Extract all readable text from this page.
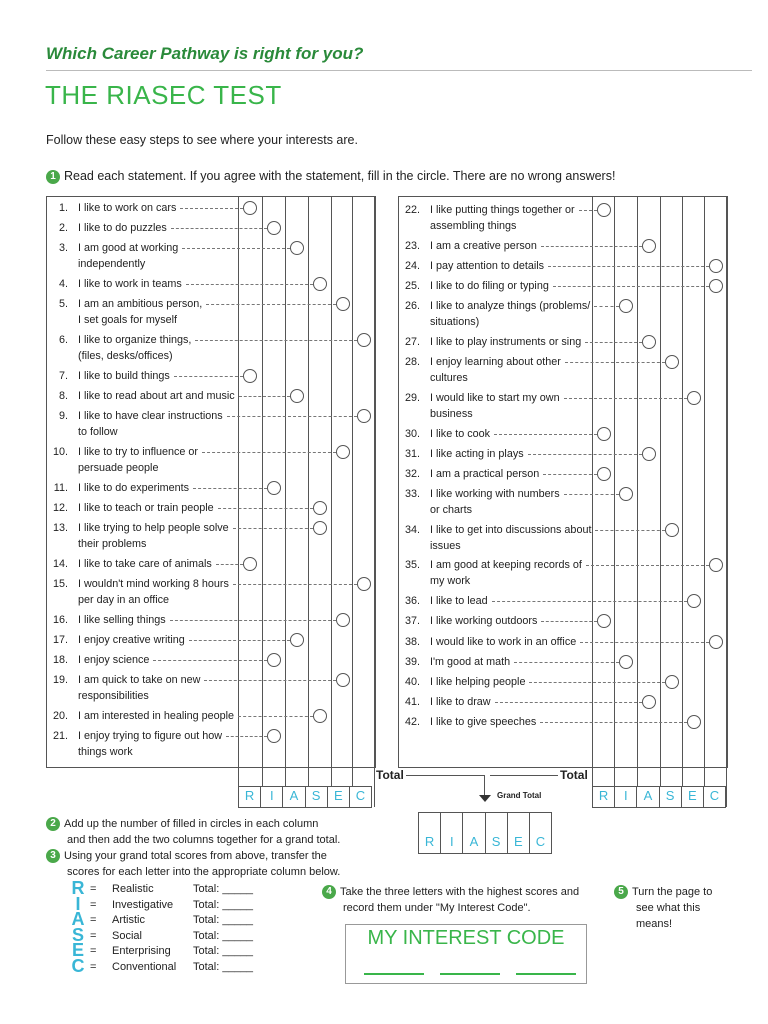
Which Career Pathway is right for you?
THE RIASEC TEST
Follow these easy steps to see where your interests are.
1 Read each statement. If you agree with the statement, fill in the circle. There are no wrong answers!
1. I like to work on cars
2. I like to do puzzles
3. I am good at working
independently
4. I like to work in teams
5. I am an ambitious person,
I set goals for myself
6. I like to organize things,
(files, desks/offices)
7. I like to build things
8. I like to read about art and music
9. I like to have clear instructions
to follow
10. I like to try to influence or
persuade people
11. I like to do experiments
12. I like to teach or train people
13. I like trying to help people solve
their problems
14. I like to take care of animals
15. I wouldn't mind working 8 hours
per day in an office
16. I like selling things
17. I enjoy creative writing
18. I enjoy science
19. I am quick to take on new
responsibilities
20. I am interested in healing people
21. I enjoy trying to figure out how
things work
22. I like putting things together or
assembling things
23. I am a creative person
24. I pay attention to details
25. I like to do filing or typing
26. I like to analyze things (problems/
situations)
27. I like to play instruments or sing
28. I enjoy learning about other
cultures
29. I would like to start my own
business
30. I like to cook
31. I like acting in plays
32. I am a practical person
33. I like working with numbers
or charts
34. I like to get into discussions about
issues
35. I am good at keeping records of
my work
36. I like to lead
37. I like working outdoors
38. I would like to work in an office
39. I'm good at math
40. I like helping people
41. I like to draw
42. I like to give speeches
Total	Total
Grand Total
R	I	A	S	E	C	R	I	A	S	E	C
R	I	A	S	E	C
2 Add up the number of filled in circles in each column
and then add the two columns together for a grand total.
3 Using your grand total scores from above, transfer the
scores for each letter into the appropriate column below.
R = Realistic	Total: _____
I = Investigative Total: _____
A = Artistic	Total: _____
S = Social	Total: _____
E = Enterprising Total: _____
C = Conventional Total: _____
4 Take the three letters with the highest scores and
record them under "My Interest Code".
5 Turn the page to
see what this
means!
MY INTEREST CODE
